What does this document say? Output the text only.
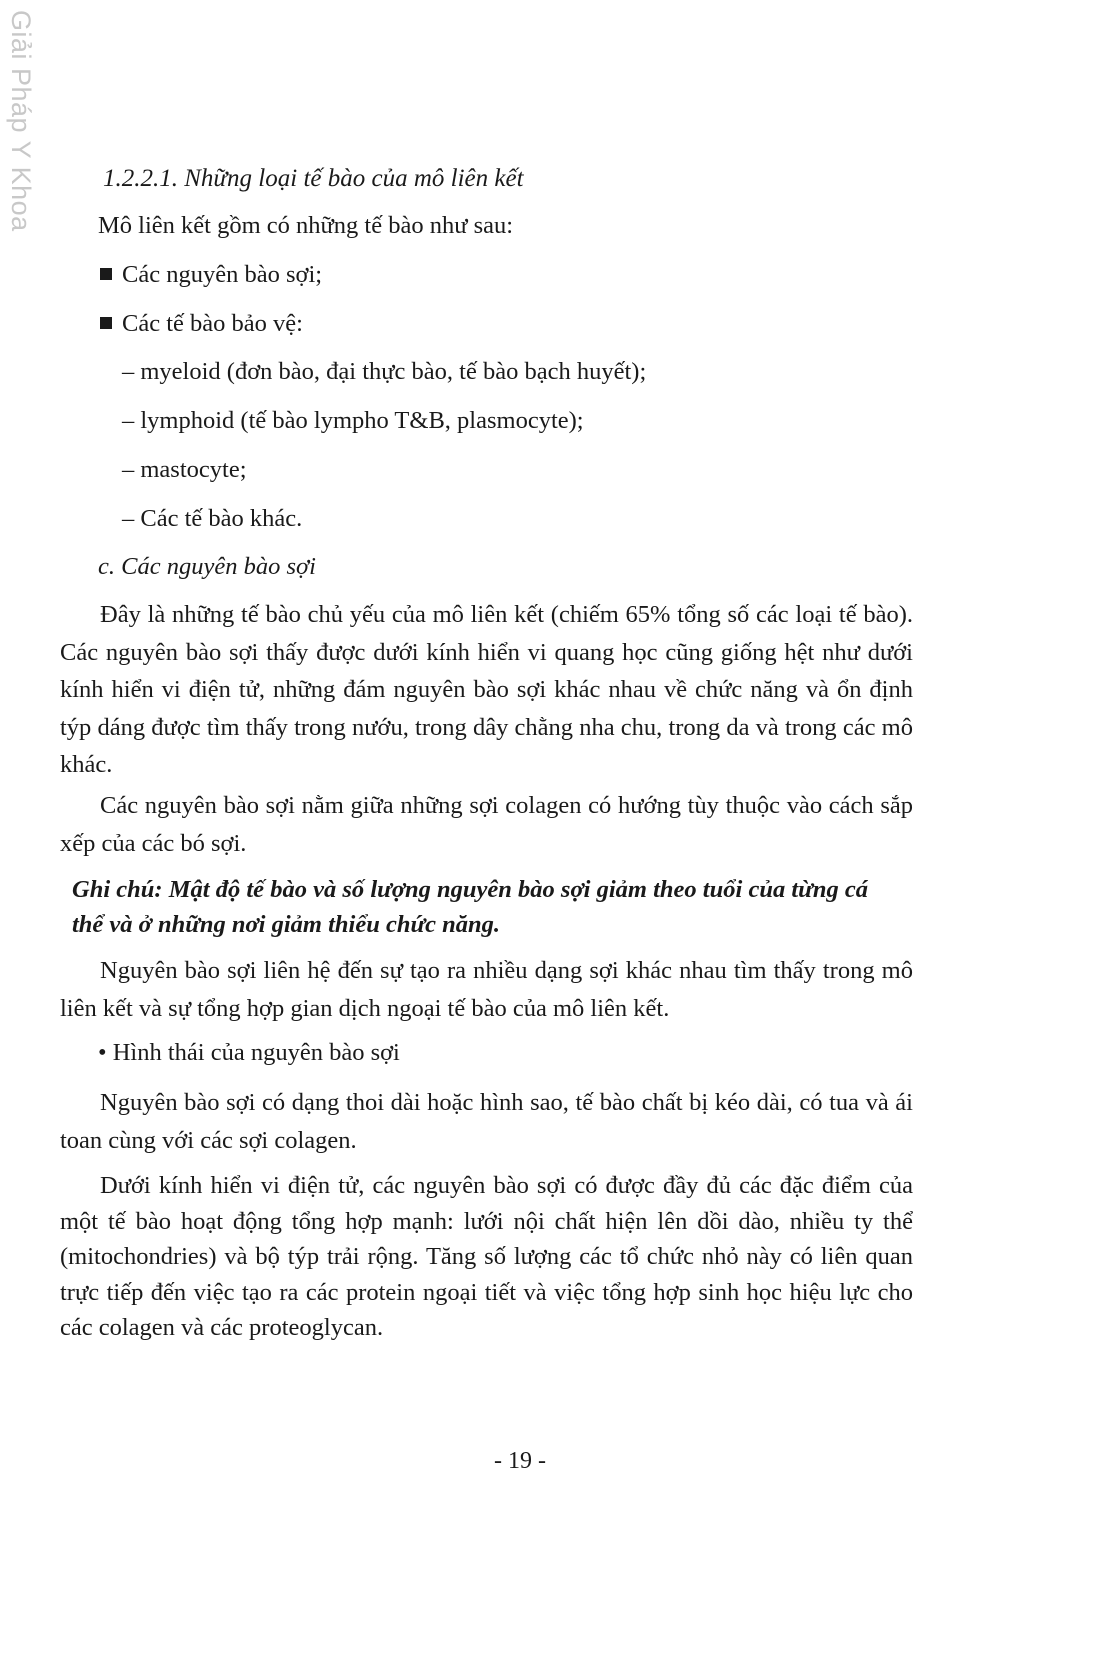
Giải Pháp Y Khoa	1.2.2.1. Những loại tế bào của mô liên kết
Mô liên kết gồm có những tế bào như sau:
Các nguyên bào sợi;
Các tế bào bảo vệ:
– myeloid (đơn bào, đại thực bào, tế bào bạch huyết);
– lymphoid (tế bào lympho T&B, plasmocyte);
– mastocyte;
– Các tế bào khác.
c. Các nguyên bào sợi
Đây là những tế bào chủ yếu của mô liên kết (chiếm 65% tổng số các loại tế bào). Các nguyên bào sợi thấy được dưới kính hiển vi quang học cũng giống hệt như dưới kính hiển vi điện tử, những đám nguyên bào sợi khác nhau về chức năng và ổn định týp dáng được tìm thấy trong nướu, trong dây chằng nha chu, trong da và trong các mô khác.
Các nguyên bào sợi nằm giữa những sợi colagen có hướng tùy thuộc vào cách sắp xếp của các bó sợi.
Ghi chú: Mật độ tế bào và số lượng nguyên bào sợi giảm theo tuổi của từng cá thể và ở những nơi giảm thiểu chức năng.
Nguyên bào sợi liên hệ đến sự tạo ra nhiều dạng sợi khác nhau tìm thấy trong mô liên kết và sự tổng hợp gian dịch ngoại tế bào của mô liên kết.
• Hình thái của nguyên bào sợi
Nguyên bào sợi có dạng thoi dài hoặc hình sao, tế bào chất bị kéo dài, có tua và ái toan cùng với các sợi colagen.
Dưới kính hiển vi điện tử, các nguyên bào sợi có được đầy đủ các đặc điểm của một tế bào hoạt động tổng hợp mạnh: lưới nội chất hiện lên dồi dào, nhiều ty thể (mitochondries) và bộ týp trải rộng. Tăng số lượng các tổ chức nhỏ này có liên quan trực tiếp đến việc tạo ra các protein ngoại tiết và việc tổng hợp sinh học hiệu lực cho các colagen và các proteoglycan.
- 19 -
